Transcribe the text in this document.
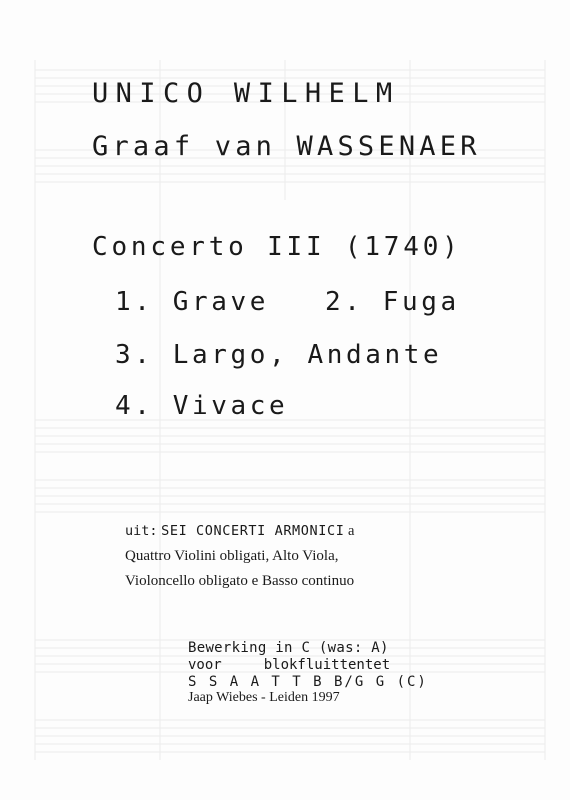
UNICO WILHELM
Graaf van WASSENAER
Concerto III (1740)
1. Grave 2. Fuga
3. Largo, Andante
4. Vivace
uit: SEI CONCERTI ARMONICI a
Quattro Violini obligati, Alto Viola,
Violoncello obligato e Basso continuo
Bewerking in C (was: A)
voor	blokfluittentet
S S A A T T B B/G G (C)
Jaap Wiebes - Leiden 1997
